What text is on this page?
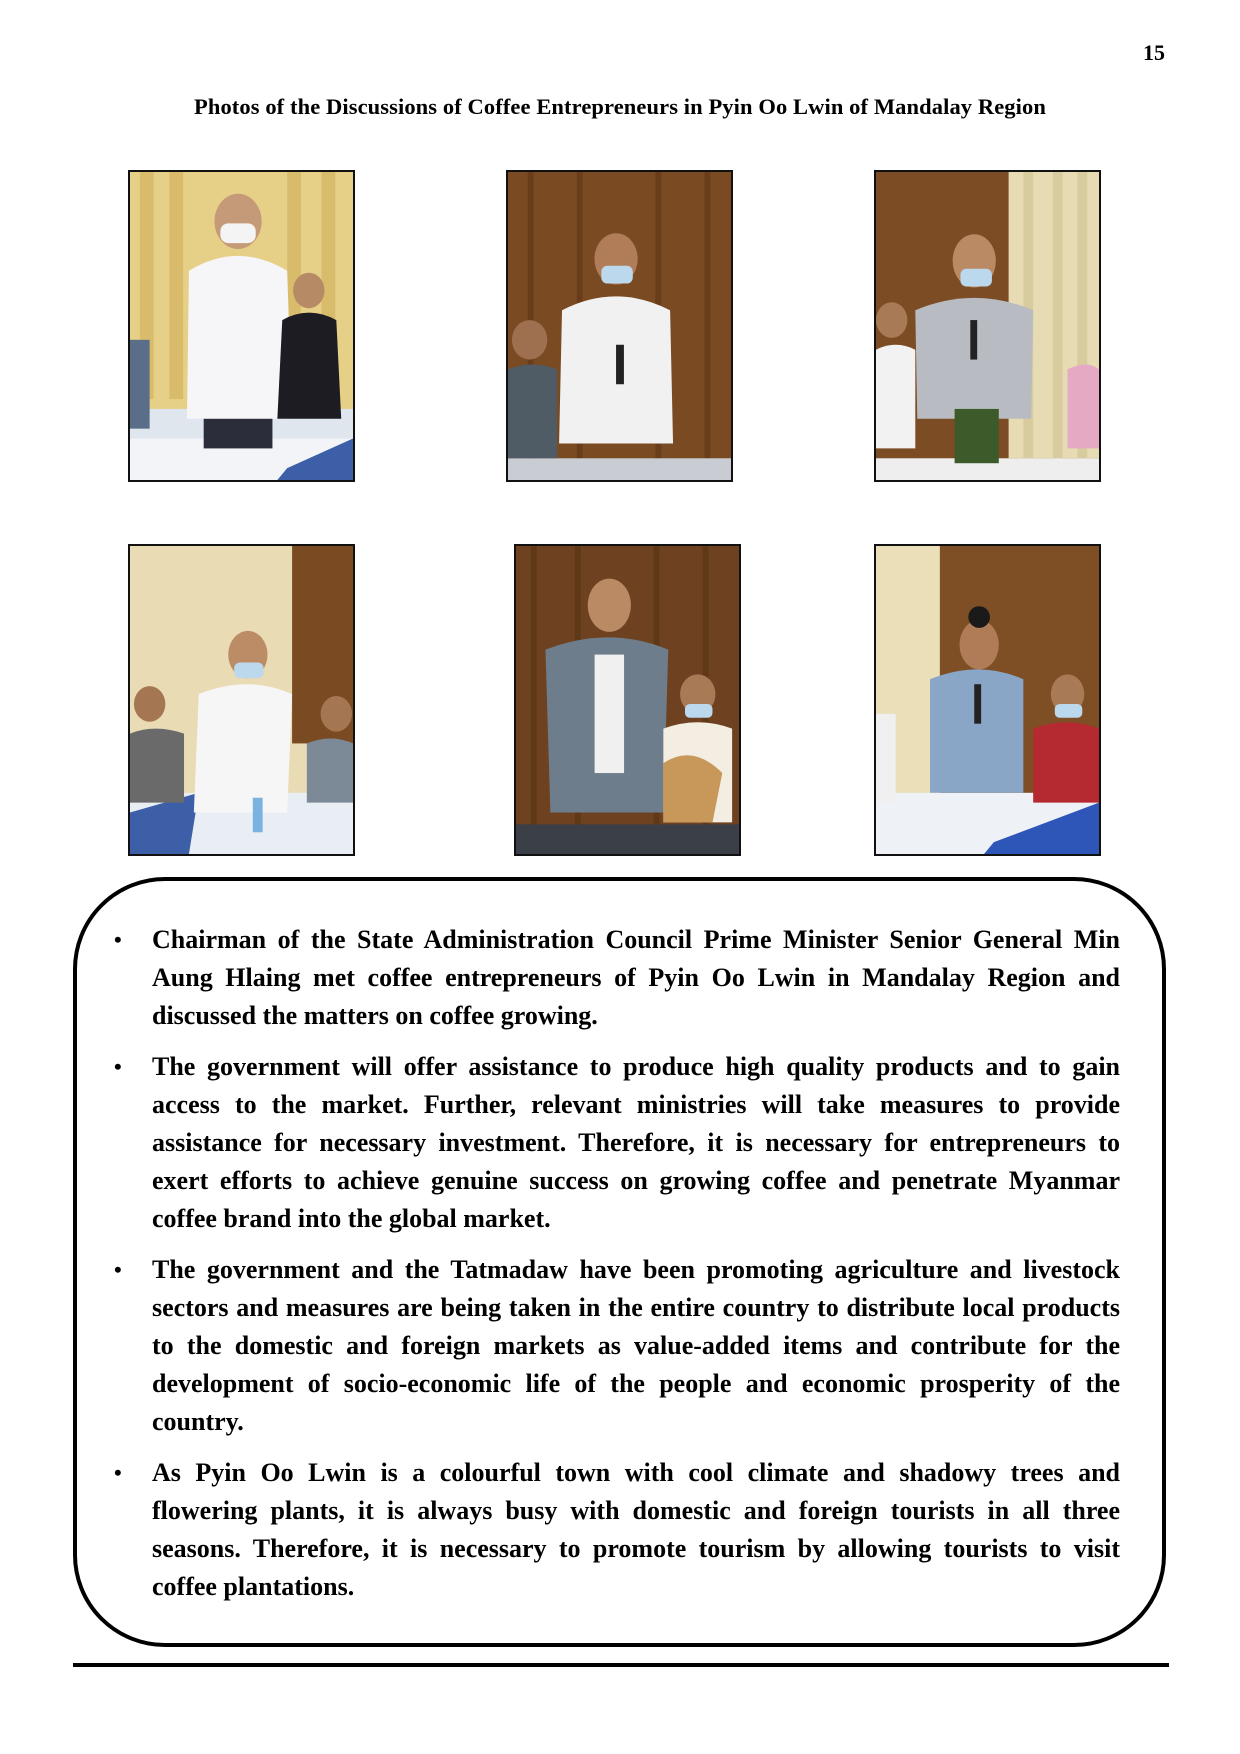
15
Photos of the Discussions of Coffee Entrepreneurs in Pyin Oo Lwin of Mandalay Region
• Chairman of the State Administration Council Prime Minister Senior General Min Aung Hlaing met coffee entrepreneurs of Pyin Oo Lwin in Mandalay Region and discussed the matters on coffee growing.
• The government will offer assistance to produce high quality products and to gain access to the market. Further, relevant ministries will take measures to provide assistance for necessary investment. Therefore, it is necessary for entrepreneurs to exert efforts to achieve genuine success on growing coffee and penetrate Myanmar coffee brand into the global market.
• The government and the Tatmadaw have been promoting agriculture and livestock sectors and measures are being taken in the entire country to distribute local products to the domestic and foreign markets as value-added items and contribute for the development of socio-economic life of the people and economic prosperity of the country.
• As Pyin Oo Lwin is a colourful town with cool climate and shadowy trees and flowering plants, it is always busy with domestic and foreign tourists in all three seasons. Therefore, it is necessary to promote tourism by allowing tourists to visit coffee plantations.
